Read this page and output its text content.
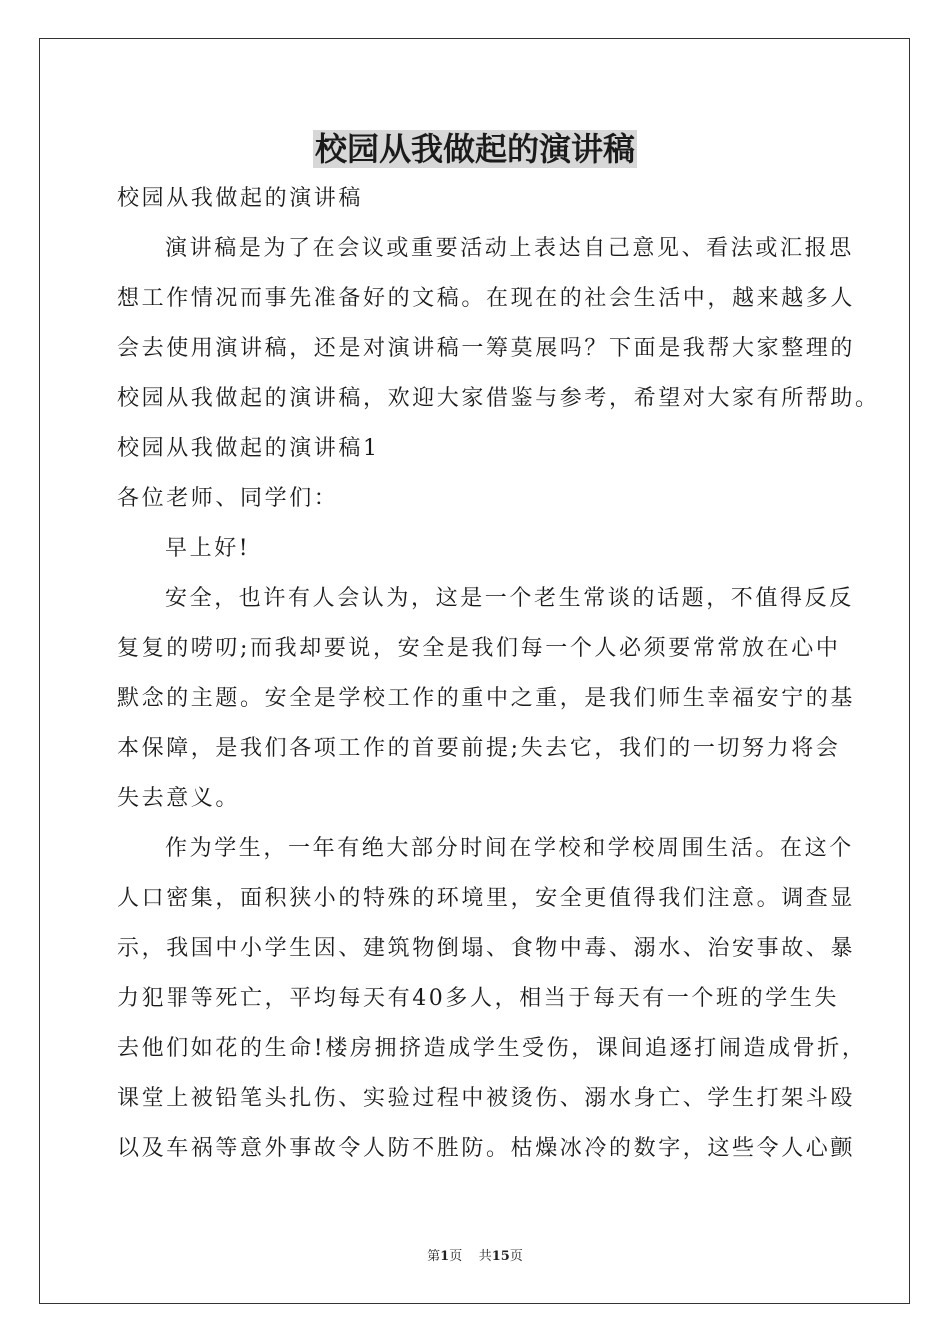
校园从我做起的演讲稿
校园从我做起的演讲稿
演讲稿是为了在会议或重要活动上表达自己意见、看法或汇报思
想工作情况而事先准备好的文稿。在现在的社会生活中，越来越多人
会去使用演讲稿，还是对演讲稿一筹莫展吗？下面是我帮大家整理的
校园从我做起的演讲稿，欢迎大家借鉴与参考，希望对大家有所帮助。
校园从我做起的演讲稿1
各位老师、同学们：
早上好!
安全，也许有人会认为，这是一个老生常谈的话题，不值得反反
复复的唠叨;而我却要说，安全是我们每一个人必须要常常放在心中
默念的主题。安全是学校工作的重中之重，是我们师生幸福安宁的基
本保障，是我们各项工作的首要前提;失去它，我们的一切努力将会
失去意义。
作为学生，一年有绝大部分时间在学校和学校周围生活。在这个
人口密集，面积狭小的特殊的环境里，安全更值得我们注意。调查显
示，我国中小学生因、建筑物倒塌、食物中毒、溺水、治安事故、暴
力犯罪等死亡，平均每天有40多人，相当于每天有一个班的学生失
去他们如花的生命!楼房拥挤造成学生受伤，课间追逐打闹造成骨折，
课堂上被铅笔头扎伤、实验过程中被烫伤、溺水身亡、学生打架斗殴
以及车祸等意外事故令人防不胜防。枯燥冰冷的数字，这些令人心颤
第1页 共15页
